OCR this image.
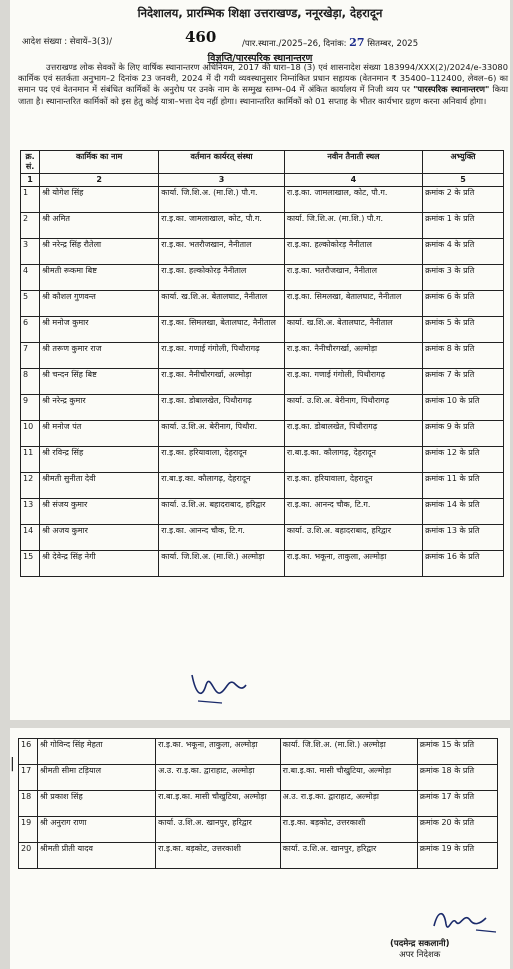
निदेशालय, प्रारम्भिक शिक्षा उत्तराखण्ड, ननूरखेड़ा, देहरादून
आदेश संख्या : सेवायें–3(3)/	460	/पार.स्थाना./2025–26, दिनांक: 27 सितम्बर, 2025
विज्ञप्ति/पारस्परिक स्थानान्तरण

उत्तराखण्ड लोक सेवकों के लिए वार्षिक स्थानान्तरण अधिनियम, 2017 की धारा–18 (3) एवं शासनादेश संख्या 183994/XXX(2)/2024/e-33080 कार्मिक एवं सतर्कता अनुभाग–2 दिनांक 23 जनवरी, 2024 में दी गयी व्यवस्थानुसार निम्नांकित प्रधान सहायक (वेतनमान ₹ 35400–112400, लेवल–6) का समान पद एवं वेतनमान में संबंधित कार्मिकों के अनुरोध पर उनके नाम के सम्मुख स्तम्भ–04 में अंकित कार्यालय में निजी व्यय पर "पारस्परिक स्थानान्तरण" किया जाता है। स्थानान्तरित कार्मिकों को इस हेतु कोई यात्रा–भत्ता देय नहीं होगा। स्थानान्तरित कार्मिकों को 01 सप्ताह के भीतर कार्यभार ग्रहण करना अनिवार्य होगा।

क्र. सं.	कार्मिक का नाम	वर्तमान कार्यरत् संस्था	नवीन तैनाती स्थल	अभ्युक्ति
1	2	3	4	5
1	श्री योगेश सिंह	कार्या. जि.शि.अ. (मा.शि.) पौ.ग.	रा.इ.का. जामलाखाल, कोट, पौ.ग.	क्रमांक 2 के प्रति
2	श्री अमित	रा.इ.का. जामलाखाल, कोट, पौ.ग.	कार्या. जि.शि.अ. (मा.शि.) पौ.ग.	क्रमांक 1 के प्रति
3	श्री नरेन्द्र सिंह रौतेला	रा.इ.का. भतरौजखान, नैनीताल	रा.इ.का. हल्कोकोरड़ नैनीताल	क्रमांक 4 के प्रति
4	श्रीमती रूकमा बिष्ट	रा.इ.का. हल्कोकोरड़ नैनीताल	रा.इ.का. भतरौजखान, नैनीताल	क्रमांक 3 के प्रति
5	श्री कौशल गुणवन्त	कार्या. ख.शि.अ. बेतालघाट, नैनीताल	रा.इ.का. सिमलखा, बेतालघाट, नैनीताल	क्रमांक 6 के प्रति
6	श्री मनोज कुमार	रा.इ.का. सिमलखा, बेतालघाट, नैनीताल	कार्या. ख.शि.अ. बेतालघाट, नैनीताल	क्रमांक 5 के प्रति
7	श्री तरूण कुमार राज	रा.इ.का. गणाई गंगोली, पिथौरागढ़	रा.इ.का. नैनीचौरगर्खा, अल्मोड़ा	क्रमांक 8 के प्रति
8	श्री चन्दन सिंह बिष्ट	रा.इ.का. नैनीचौरगर्खा, अल्मोड़ा	रा.इ.का. गणाई गंगोली, पिथौरागढ़	क्रमांक 7 के प्रति
9	श्री नरेन्द्र कुमार	रा.इ.का. डोबालखेत, पिथौरागढ़	कार्या. उ.शि.अ. बेरीनाग, पिथौरागढ़	क्रमांक 10 के प्रति
10	श्री मनोज पंत	कार्या. उ.शि.अ. बेरीनाग, पिथौरा.	रा.इ.का. डोबालखेत, पिथौरागढ़	क्रमांक 9 के प्रति
11	श्री रविन्द्र सिंह	रा.इ.का. हरियावाला, देहरादून	रा.बा.इ.का. कौलागढ़, देहरादून	क्रमांक 12 के प्रति
12	श्रीमती सुनीता देवी	रा.बा.इ.का. कौलागढ़, देहरादून	रा.इ.का. हरियावाला, देहरादून	क्रमांक 11 के प्रति
13	श्री संजय कुमार	कार्या. उ.शि.अ. बहादराबाद, हरिद्वार	रा.इ.का. आनन्द चौक, टि.ग.	क्रमांक 14 के प्रति
14	श्री अजय कुमार	रा.इ.का. आनन्द चौक, टि.ग.	कार्या. उ.शि.अ. बहादराबाद, हरिद्वार	क्रमांक 13 के प्रति
15	श्री देवेन्द्र सिंह नेगी	कार्या. जि.शि.अ. (मा.शि.) अल्मोड़ा	रा.इ.का. भकूना, ताकुला, अल्मोड़ा	क्रमांक 16 के प्रति
|
16	श्री गोविन्द सिंह मेहता	रा.इ.का. भकूना, ताकुला, अल्मोड़ा	कार्या. जि.शि.अ. (मा.शि.) अल्मोड़ा	क्रमांक 15 के प्रति
17	श्रीमती सीमा टड़ियाल	अ.उ. रा.इ.का. द्वाराहाट, अल्मोड़ा	रा.बा.इ.का. मासी चौखुटिया, अल्मोड़ा	क्रमांक 18 के प्रति
18	श्री प्रकाश सिंह	रा.बा.इ.का. मासी चौखुटिया, अल्मोड़ा	अ.उ. रा.इ.का. द्वाराहाट, अल्मोड़ा	क्रमांक 17 के प्रति
19	श्री अनुराग राणा	कार्या. उ.शि.अ. खानपुर, हरिद्वार	रा.इ.का. बड़कोट, उत्तरकाशी	क्रमांक 20 के प्रति
20	श्रीमती प्रीती यादव	रा.इ.का. बड़कोट, उत्तरकाशी	कार्या. उ.शि.अ. खानपुर, हरिद्वार	क्रमांक 19 के प्रति
(पदमेन्द्र सकलानी)
अपर निदेशक
